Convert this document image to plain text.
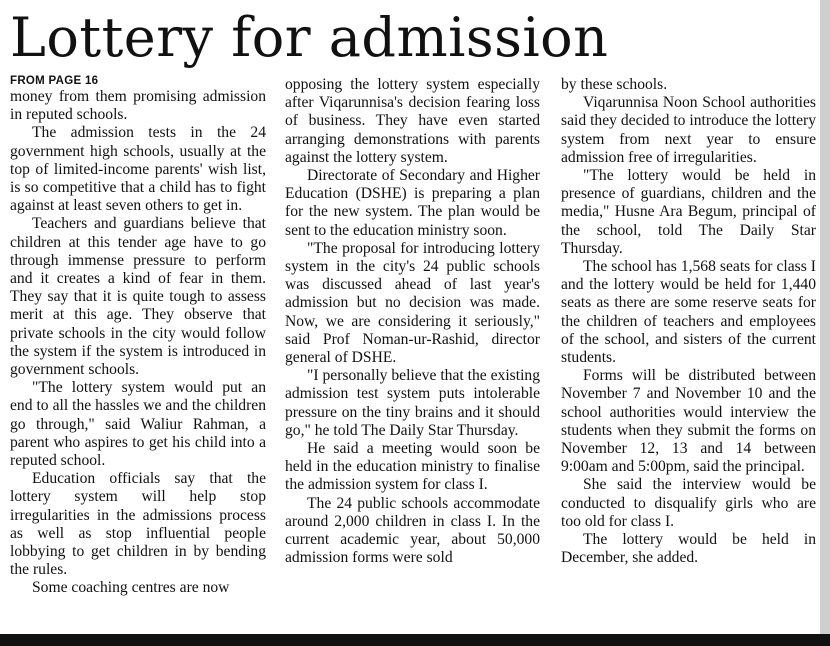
Lottery for admission
FROM PAGE 16

money from them promising admission in reputed schools.

The admission tests in the 24 government high schools, usually at the top of limited-income parents' wish list, is so competitive that a child has to fight against at least seven others to get in.

Teachers and guardians believe that children at this tender age have to go through immense pressure to perform and it creates a kind of fear in them. They say that it is quite tough to assess merit at this age. They observe that private schools in the city would follow the system if the system is introduced in government schools.

"The lottery system would put an end to all the hassles we and the children go through," said Waliur Rahman, a parent who aspires to get his child into a reputed school.

Education officials say that the lottery system will help stop irregularities in the admissions process as well as stop influential people lobbying to get children in by bending the rules.

Some coaching centres are now

opposing the lottery system especially after Viqarunnisa's decision fearing loss of business. They have even started arranging demonstrations with parents against the lottery system.

Directorate of Secondary and Higher Education (DSHE) is preparing a plan for the new system. The plan would be sent to the education ministry soon.

"The proposal for introducing lottery system in the city's 24 public schools was discussed ahead of last year's admission but no decision was made. Now, we are considering it seriously," said Prof Noman-ur-Rashid, director general of DSHE.

"I personally believe that the existing admission test system puts intolerable pressure on the tiny brains and it should go," he told The Daily Star Thursday.

He said a meeting would soon be held in the education ministry to finalise the admission system for class I.

The 24 public schools accommodate around 2,000 children in class I. In the current academic year, about 50,000 admission forms were sold

by these schools.

Viqarunnisa Noon School authorities said they decided to introduce the lottery system from next year to ensure admission free of irregularities.

"The lottery would be held in presence of guardians, children and the media," Husne Ara Begum, principal of the school, told The Daily Star Thursday.

The school has 1,568 seats for class I and the lottery would be held for 1,440 seats as there are some reserve seats for the children of teachers and employees of the school, and sisters of the current students.

Forms will be distributed between November 7 and November 10 and the school authorities would interview the students when they submit the forms on November 12, 13 and 14 between 9:00am and 5:00pm, said the principal.

She said the interview would be conducted to disqualify girls who are too old for class I.

The lottery would be held in December, she added.
